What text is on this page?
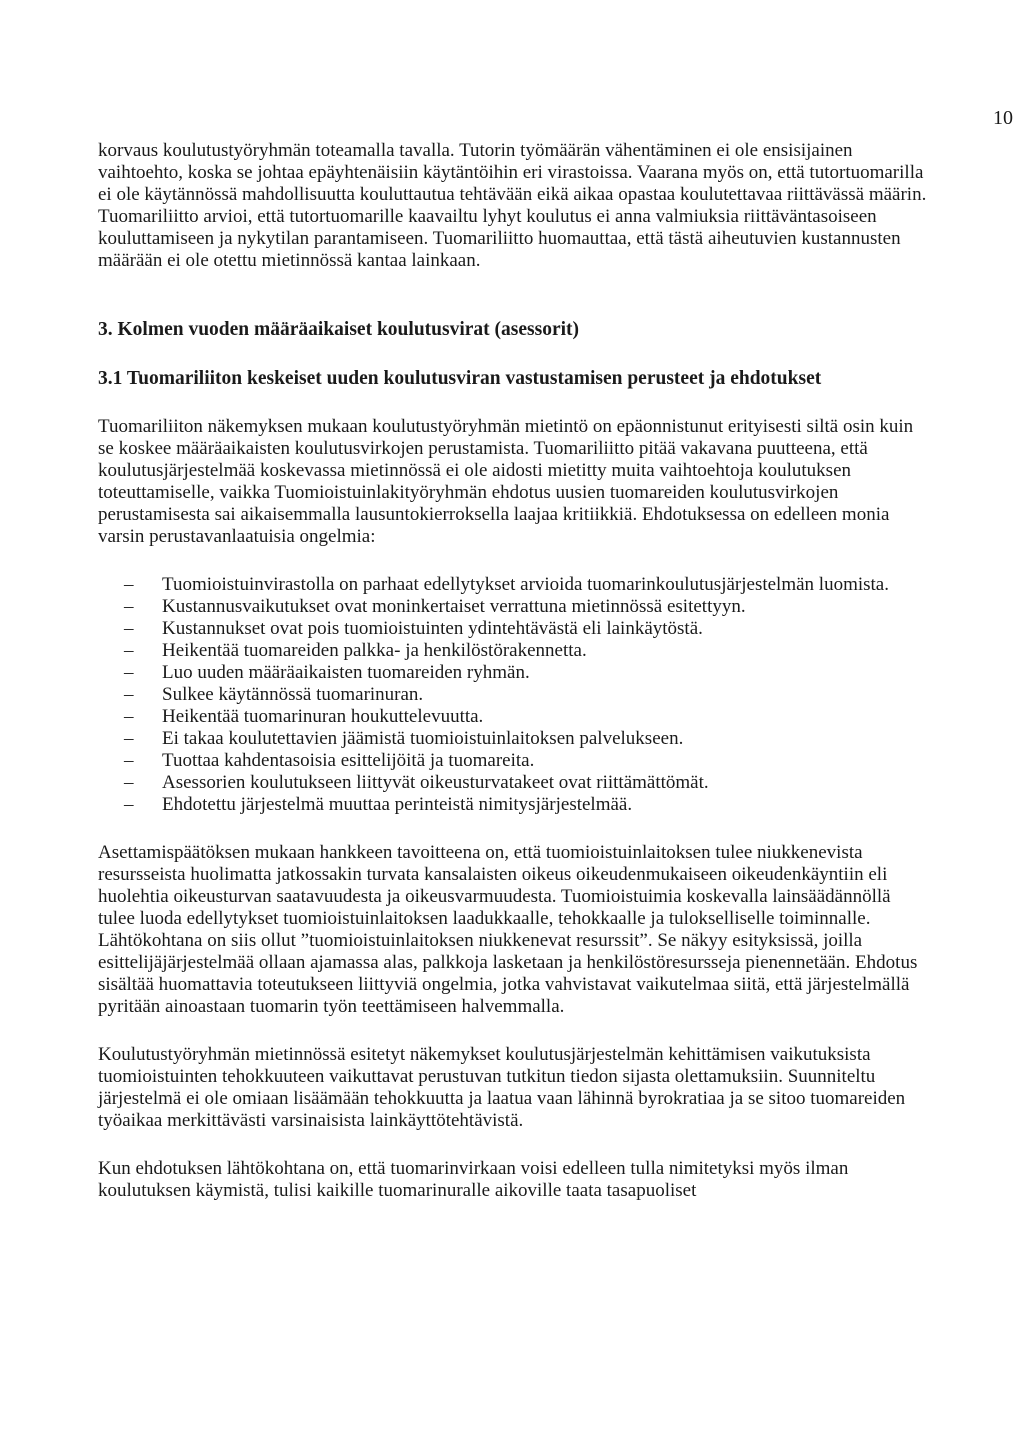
10

korvaus koulutustyöryhmän toteamalla tavalla. Tutorin työmäärän vähentäminen ei ole ensisijainen vaihtoehto, koska se johtaa epäyhtenäisiin käytäntöihin eri virastoissa. Vaarana myös on, että tutortuomarilla ei ole käytännössä mahdollisuutta kouluttautua tehtävään eikä aikaa opastaa koulutettavaa riittävässä määrin. Tuomariliitto arvioi, että tutortuomarille kaavailtu lyhyt koulutus ei anna valmiuksia riittäväntasoiseen kouluttamiseen ja nykytilan parantamiseen. Tuomariliitto huomauttaa, että tästä aiheutuvien kustannusten määrään ei ole otettu mietinnössä kantaa lainkaan.

3. Kolmen vuoden määräaikaiset koulutusvirat (asessorit)
3.1 Tuomariliiton keskeiset uuden koulutusviran vastustamisen perusteet ja ehdotukset

Tuomariliiton näkemyksen mukaan koulutustyöryhmän mietintö on epäonnistunut erityisesti siltä osin kuin se koskee määräaikaisten koulutusvirkojen perustamista. Tuomariliitto pitää vakavana puutteena, että koulutusjärjestelmää koskevassa mietinnössä ei ole aidosti mietitty muita vaihtoehtoja koulutuksen toteuttamiselle, vaikka Tuomioistuinlakityöryhmän ehdotus uusien tuomareiden koulutusvirkojen perustamisesta sai aikaisemmalla lausuntokierroksella laajaa kritiikkiä. Ehdotuksessa on edelleen monia varsin perustavanlaatuisia ongelmia:

– Tuomioistuinvirastolla on parhaat edellytykset arvioida tuomarinkoulutusjärjestelmän luomista.
– Kustannusvaikutukset ovat moninkertaiset verrattuna mietinnössä esitettyyn.
– Kustannukset ovat pois tuomioistuinten ydintehtävästä eli lainkäytöstä.
– Heikentää tuomareiden palkka- ja henkilöstörakennetta.
– Luo uuden määräaikaisten tuomareiden ryhmän.
– Sulkee käytännössä tuomarinuran.
– Heikentää tuomarinuran houkuttelevuutta.
– Ei takaa koulutettavien jäämistä tuomioistuinlaitoksen palvelukseen.
– Tuottaa kahdentasoisia esittelijöitä ja tuomareita.
– Asessorien koulutukseen liittyvät oikeusturvatakeet ovat riittämättömät.
– Ehdotettu järjestelmä muuttaa perinteistä nimitysjärjestelmää.

Asettamispäätöksen mukaan hankkeen tavoitteena on, että tuomioistuinlaitoksen tulee niukkenevista resursseista huolimatta jatkossakin turvata kansalaisten oikeus oikeudenmukaiseen oikeudenkäyntiin eli huolehtia oikeusturvan saatavuudesta ja oikeusvarmuudesta. Tuomioistuimia koskevalla lainsäädännöllä tulee luoda edellytykset tuomioistuinlaitoksen laadukkaalle, tehokkaalle ja tulokselliselle toiminnalle. Lähtökohtana on siis ollut ”tuomioistuinlaitoksen niukkenevat resurssit”. Se näkyy esityksissä, joilla esittelijäjärjestelmää ollaan ajamassa alas, palkkoja lasketaan ja henkilöstöresursseja pienennetään. Ehdotus sisältää huomattavia toteutukseen liittyviä ongelmia, jotka vahvistavat vaikutelmaa siitä, että järjestelmällä pyritään ainoastaan tuomarin työn teettämiseen halvemmalla.

Koulutustyöryhmän mietinnössä esitetyt näkemykset koulutusjärjestelmän kehittämisen vaikutuksista tuomioistuinten tehokkuuteen vaikuttavat perustuvan tutkitun tiedon sijasta olettamuksiin. Suunniteltu järjestelmä ei ole omiaan lisäämään tehokkuutta ja laatua vaan lähinnä byrokratiaa ja se sitoo tuomareiden työaikaa merkittävästi varsinaisista lainkäyttötehtävistä.

Kun ehdotuksen lähtökohtana on, että tuomarinvirkaan voisi edelleen tulla nimitetyksi myös ilman koulutuksen käymistä, tulisi kaikille tuomarinuralle aikoville taata tasapuoliset
